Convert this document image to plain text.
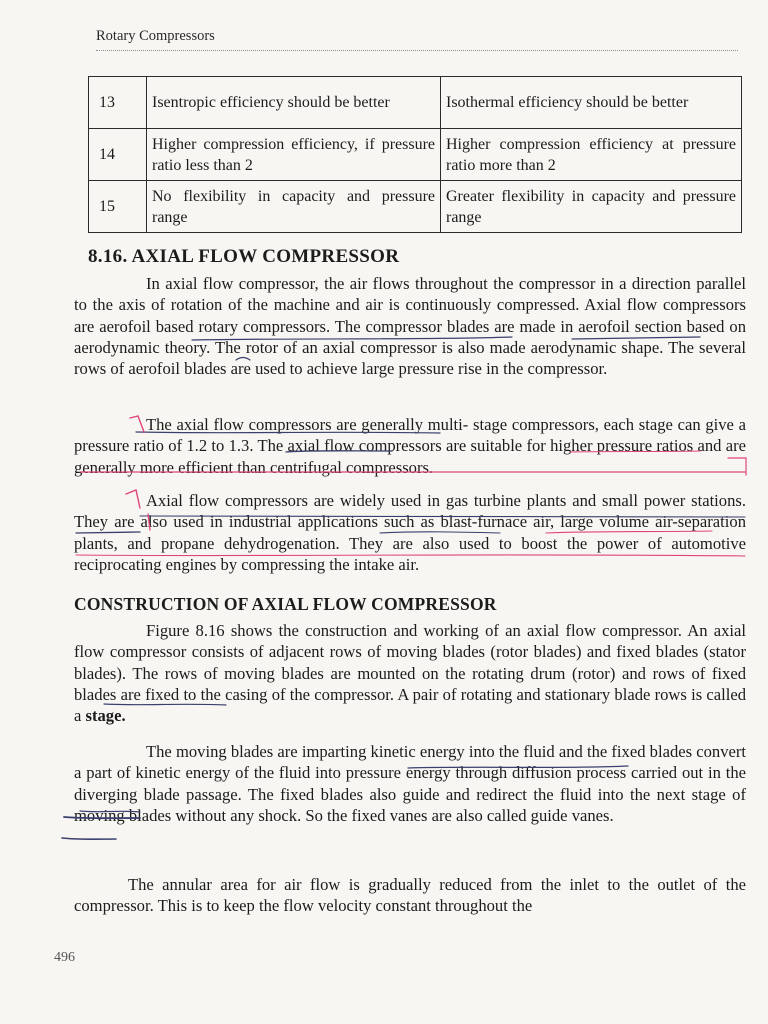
Rotary Compressors
13	Isentropic efficiency should be better	Isothermal efficiency should be better
14	Higher compression efficiency, if pressure ratio less than 2	Higher compression efficiency at pressure ratio more than 2
15	No flexibility in capacity and pressure range	Greater flexibility in capacity and pressure range
8.16. AXIAL FLOW COMPRESSOR
In axial flow compressor, the air flows throughout the compressor in a direction parallel to the axis of rotation of the machine and air is continuously compressed. Axial flow compressors are aerofoil based rotary compressors. The compressor blades are made in aerofoil section based on aerodynamic theory. The rotor of an axial compressor is also made aerodynamic shape. The several rows of aerofoil blades are used to achieve large pressure rise in the compressor.
The axial flow compressors are generally multi- stage compressors, each stage can give a pressure ratio of 1.2 to 1.3. The axial flow compressors are suitable for higher pressure ratios and are generally more efficient than centrifugal compressors.
Axial flow compressors are widely used in gas turbine plants and small power stations. They are also used in industrial applications such as blast-furnace air, large volume air-separation plants, and propane dehydrogenation. They are also used to boost the power of automotive reciprocating engines by compressing the intake air.
CONSTRUCTION OF AXIAL FLOW COMPRESSOR
Figure 8.16 shows the construction and working of an axial flow compressor. An axial flow compressor consists of adjacent rows of moving blades (rotor blades) and fixed blades (stator blades). The rows of moving blades are mounted on the rotating drum (rotor) and rows of fixed blades are fixed to the casing of the compressor. A pair of rotating and stationary blade rows is called a stage.
The moving blades are imparting kinetic energy into the fluid and the fixed blades convert a part of kinetic energy of the fluid into pressure energy through diffusion process carried out in the diverging blade passage. The fixed blades also guide and redirect the fluid into the next stage of moving blades without any shock. So the fixed vanes are also called guide vanes.
The annular area for air flow is gradually reduced from the inlet to the outlet of the compressor. This is to keep the flow velocity constant throughout the
496
